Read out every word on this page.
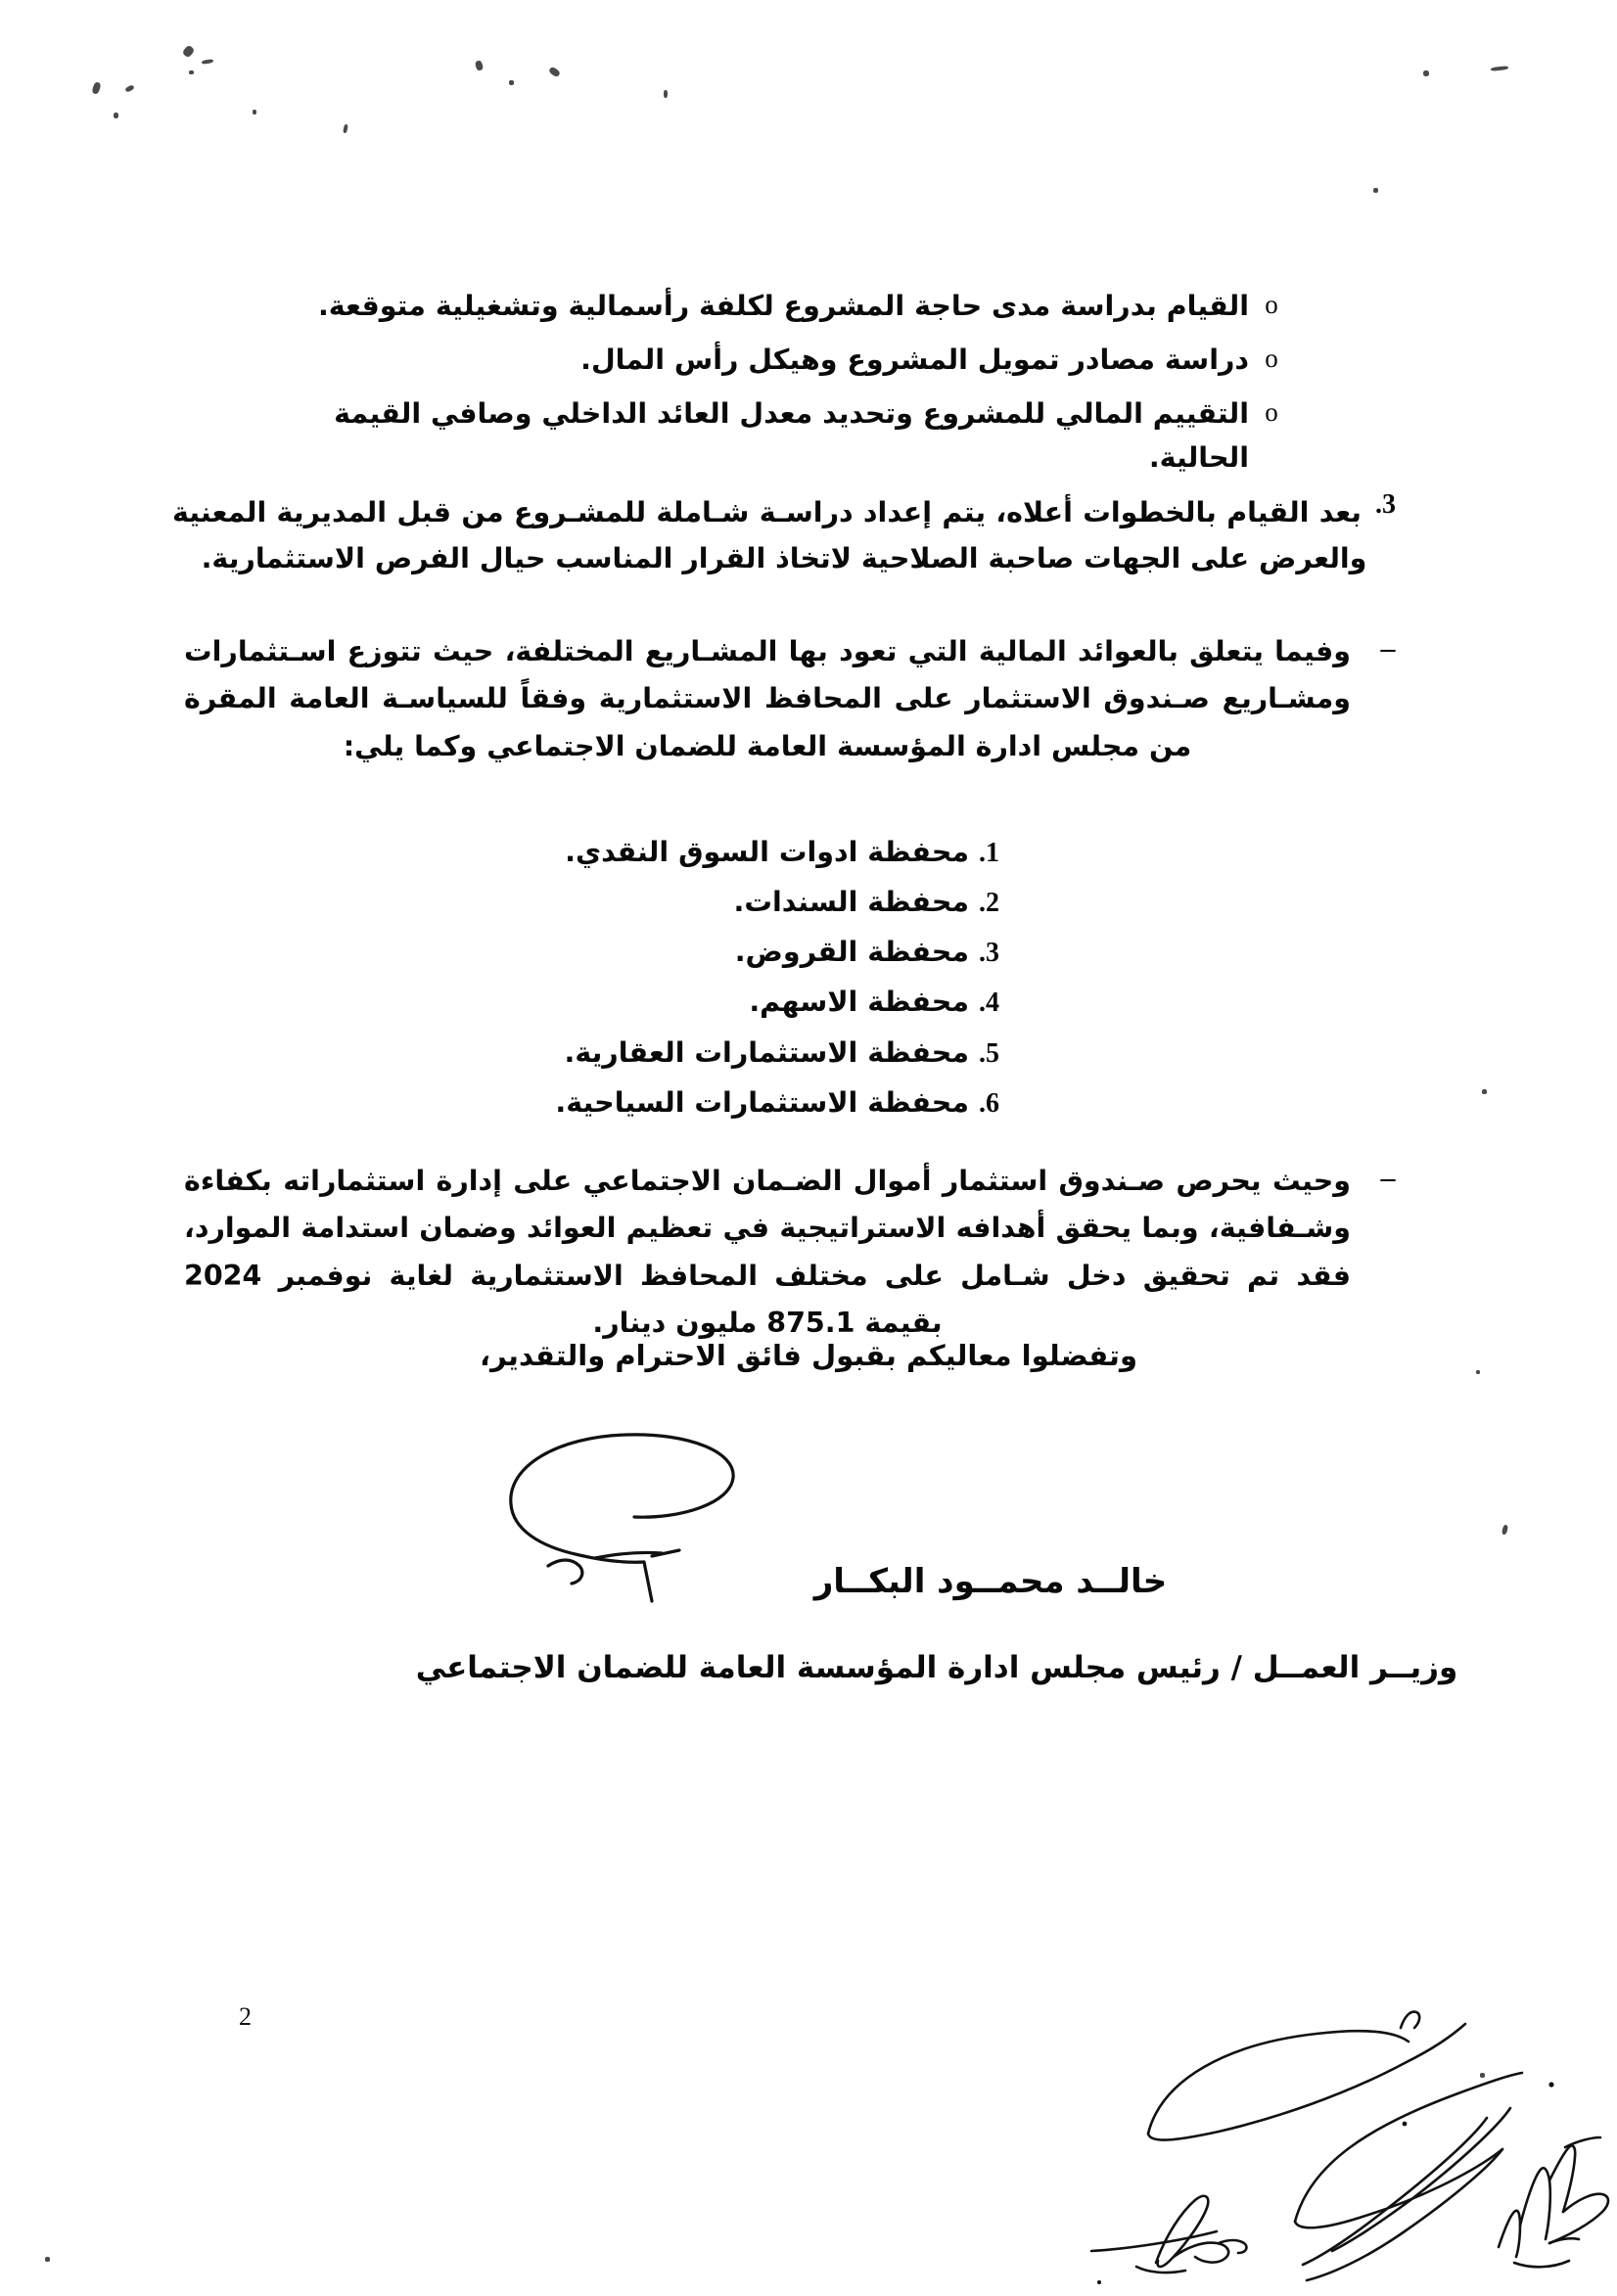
o
القيام بدراسة مدى حاجة المشروع لكلفة رأسمالية وتشغيلية متوقعة.
o
دراسة مصادر تمويل المشروع وهيكل رأس المال.
o
التقييم المالي للمشروع وتحديد معدل العائد الداخلي وصافي القيمة الحالية.
3.
بعد القيام بالخطوات أعلاه، يتم إعداد دراسـة شـاملة للمشـروع من قبل المديرية المعنية والعرض على الجهات صاحبة الصلاحية لاتخاذ القرار المناسب حيال الفرص الاستثمارية.
–
وفيما يتعلق بالعوائد المالية التي تعود بها المشـاريع المختلفة، حيث تتوزع اسـتثمارات ومشـاريع صـندوق الاستثمار على المحافظ الاستثمارية وفقاً للسياسـة العامة المقرة من مجلس ادارة المؤسسة العامة للضمان الاجتماعي وكما يلي:
1.
محفظة ادوات السوق النقدي.
2.
محفظة السندات.
3.
محفظة القروض.
4.
محفظة الاسهم.
5.
محفظة الاستثمارات العقارية.
6.
محفظة الاستثمارات السياحية.
–
وحيث يحرص صـندوق استثمار أموال الضـمان الاجتماعي على إدارة استثماراته بكفاءة وشـفافية، وبما يحقق أهدافه الاستراتيجية في تعظيم العوائد وضمان استدامة الموارد، فقد تم تحقيق دخل شـامل على مختلف المحافظ الاستثمارية لغاية نوفمبر 2024 بقيمة 875.1 مليون دينار.
وتفضلوا معاليكم بقبول فائق الاحترام والتقدير،
خالــد محمــود البكــار
وزيــر العمــل / رئيس مجلس ادارة المؤسسة العامة للضمان الاجتماعي
2
